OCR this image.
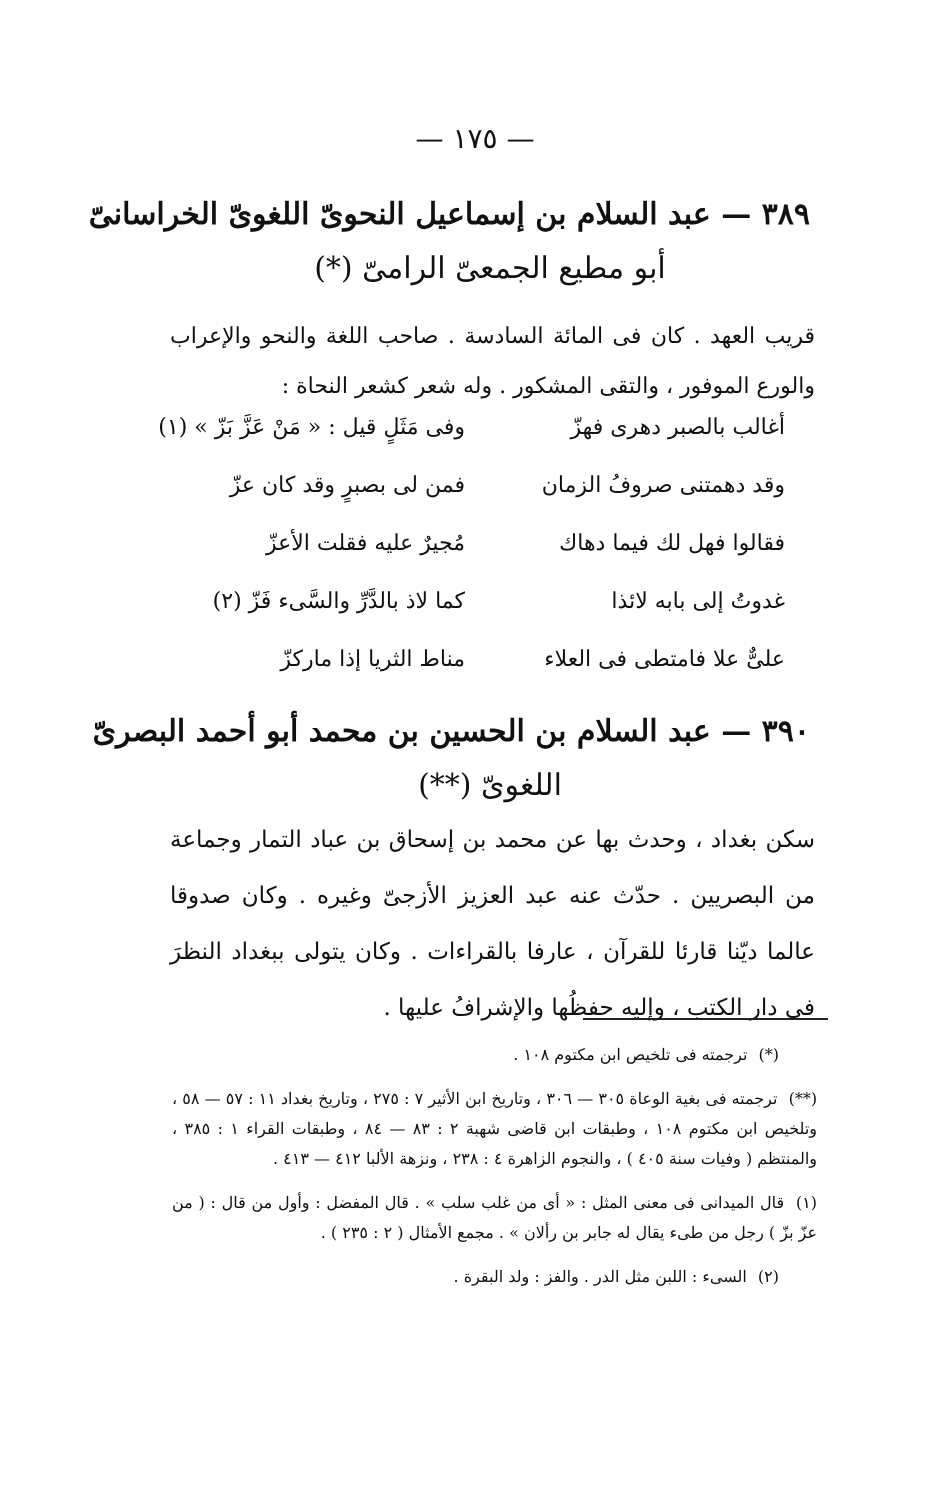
— ١٧٥ —
٣٨٩ — عبد السلام بن إسماعيل النحوىّ اللغوىّ الخراسانىّ
أبو مطيع الجمعىّ الرامىّ (*)
قريب العهد . كان فى المائة السادسة . صاحب اللغة والنحو والإعراب والورع الموفور ، والتقى المشكور . وله شعر كشعر النحاة :
أغالب بالصبر دهرى فهزّ
وفى مَثَلٍ قيل : « مَنْ عَزَّ بَزّ » (١)
وقد دهمتنى صروفُ الزمان
فمن لى بصبرٍ وقد كان عزّ
فقالوا فهل لك فيما دهاك
مُجيرٌ عليه فقلت الأعزّ
غدوتُ إلى بابه لائذا
كما لاذ بالدَّرِّ والسَّىء فَزّ (٢)
علىٌّ علا فامتطى فى العلاء
مناط الثريا إذا ماركزّ
٣٩٠ — عبد السلام بن الحسين بن محمد أبو أحمد البصرىّ
اللغوىّ (**)
سكن بغداد ، وحدث بها عن محمد بن إسحاق بن عباد التمار وجماعة من البصريين . حدّث عنه عبد العزيز الأزجىّ وغيره . وكان صدوقا عالما ديّنا قارئا للقرآن ، عارفا بالقراءات . وكان يتولى ببغداد النظرَ فى دار الكتب ، وإليه حفظُها والإشرافُ عليها .
(*) ترجمته فى تلخيص ابن مكتوم ١٠٨ .
(**) ترجمته فى بغية الوعاة ٣٠٥ — ٣٠٦ ، وتاريخ ابن الأثير ٧ : ٢٧٥ ، وتاريخ بغداد ١١ : ٥٧ — ٥٨ ، وتلخيص ابن مكتوم ١٠٨ ، وطبقات ابن قاضى شهبة ٢ : ٨٣ — ٨٤ ، وطبقات القراء ١ : ٣٨٥ ، والمنتظم ( وفيات سنة ٤٠٥ ) ، والنجوم الزاهرة ٤ : ٢٣٨ ، ونزهة الألبا ٤١٢ — ٤١٣ .
(١) قال الميدانى فى معنى المثل : « أى من غلب سلب » . قال المفضل : وأول من قال : ( من عزّ بزّ ) رجل من طىء يقال له جابر بن رألان » . مجمع الأمثال ( ٢ : ٢٣٥ ) .
(٢) السىء : اللبن مثل الدر . والفز : ولد البقرة .
